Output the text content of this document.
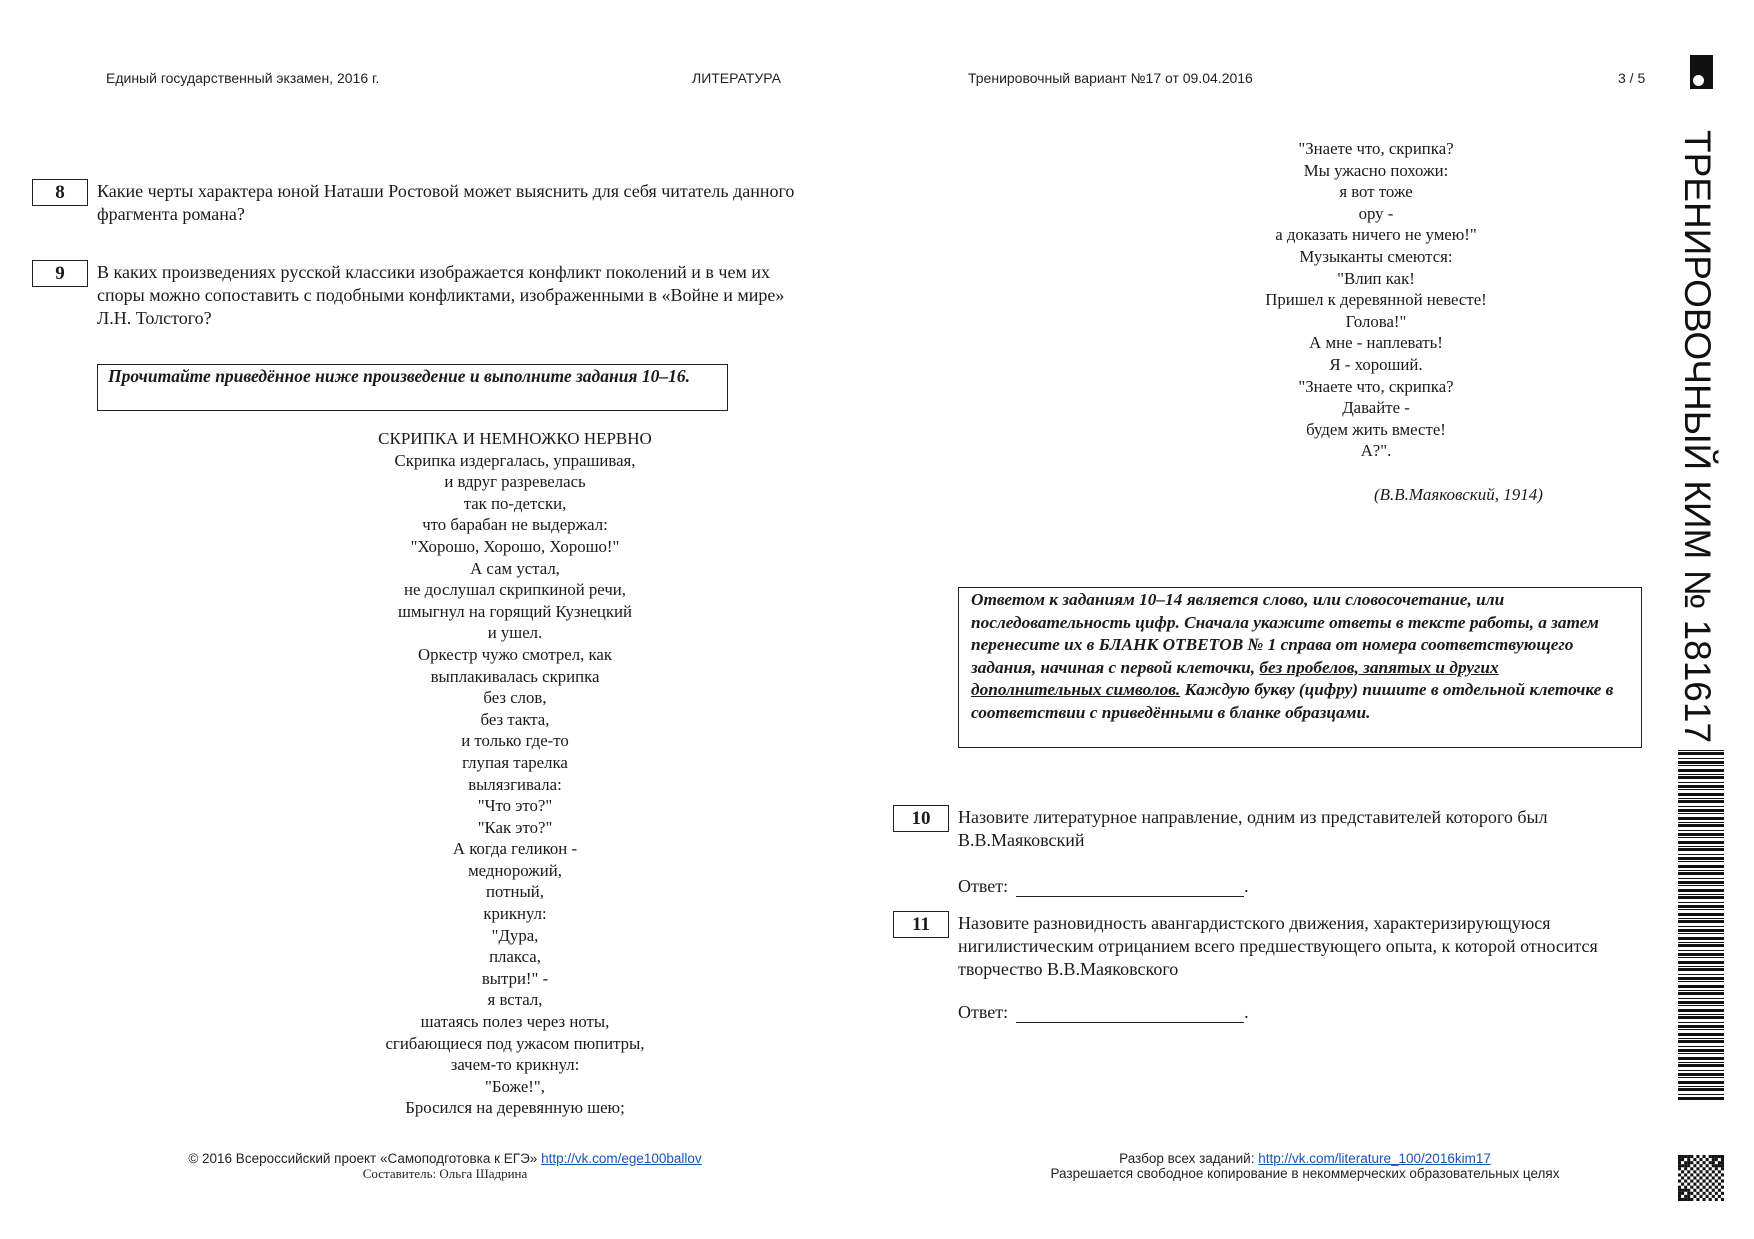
Единый государственный экзамен, 2016 г.	ЛИТЕРАТУРА	Тренировочный вариант №17 от 09.04.2016	3 / 5
ТРЕНИРОВОЧНЫЙ КИМ № 181617
8	Какие черты характера юной Наташи Ростовой может выяснить для себя читатель данного фрагмента романа?
9	В каких произведениях русской классики изображается конфликт поколений и в чем их споры можно сопоставить с подобными конфликтами, изображенными в «Войне и мире» Л.Н. Толстого?
Прочитайте приведённое ниже произведение и выполните задания 10–16.
СКРИПКА И НЕМНОЖКО НЕРВНО
Скрипка издергалась, упрашивая,
и вдруг разревелась
так по-детски,
что барабан не выдержал:
"Хорошо, Хорошо, Хорошо!"
А сам устал,
не дослушал скрипкиной речи,
шмыгнул на горящий Кузнецкий
и ушел.
Оркестр чужо смотрел, как
выплакивалась скрипка
без слов,
без такта,
и только где-то
глупая тарелка
вылязгивала:
"Что это?"
"Как это?"
А когда геликон -
меднорожий,
потный,
крикнул:
"Дура,
плакса,
вытри!" -
я встал,
шатаясь полез через ноты,
сгибающиеся под ужасом пюпитры,
зачем-то крикнул:
"Боже!",
Бросился на деревянную шею;
"Знаете что, скрипка?
Мы ужасно похожи:
я вот тоже
ору -
а доказать ничего не умею!"
Музыканты смеются:
"Влип как!
Пришел к деревянной невесте!
Голова!"
А мне - наплевать!
Я - хороший.
"Знаете что, скрипка?
Давайте -
будем жить вместе!
А?".
(В.В.Маяковский, 1914)
Ответом к заданиям 10–14 является слово, или словосочетание, или последовательность цифр. Сначала укажите ответы в тексте работы, а затем перенесите их в БЛАНК ОТВЕТОВ № 1 справа от номера соответствующего задания, начиная с первой клеточки, без пробелов, запятых и других дополнительных символов. Каждую букву (цифру) пишите в отдельной клеточке в соответствии с приведёнными в бланке образцами.
10	Назовите литературное направление, одним из представителей которого был В.В.Маяковский
Ответ:	.
11	Назовите разновидность авангардистского движения, характеризирующуюся нигилистическим отрицанием всего предшествующего опыта, к которой относится творчество В.В.Маяковского
Ответ:	.
© 2016 Всероссийский проект «Самоподготовка к ЕГЭ» http://vk.com/ege100ballov
Составитель: Ольга Шадрина
Разбор всех заданий: http://vk.com/literature_100/2016kim17
Разрешается свободное копирование в некоммерческих образовательных целях
